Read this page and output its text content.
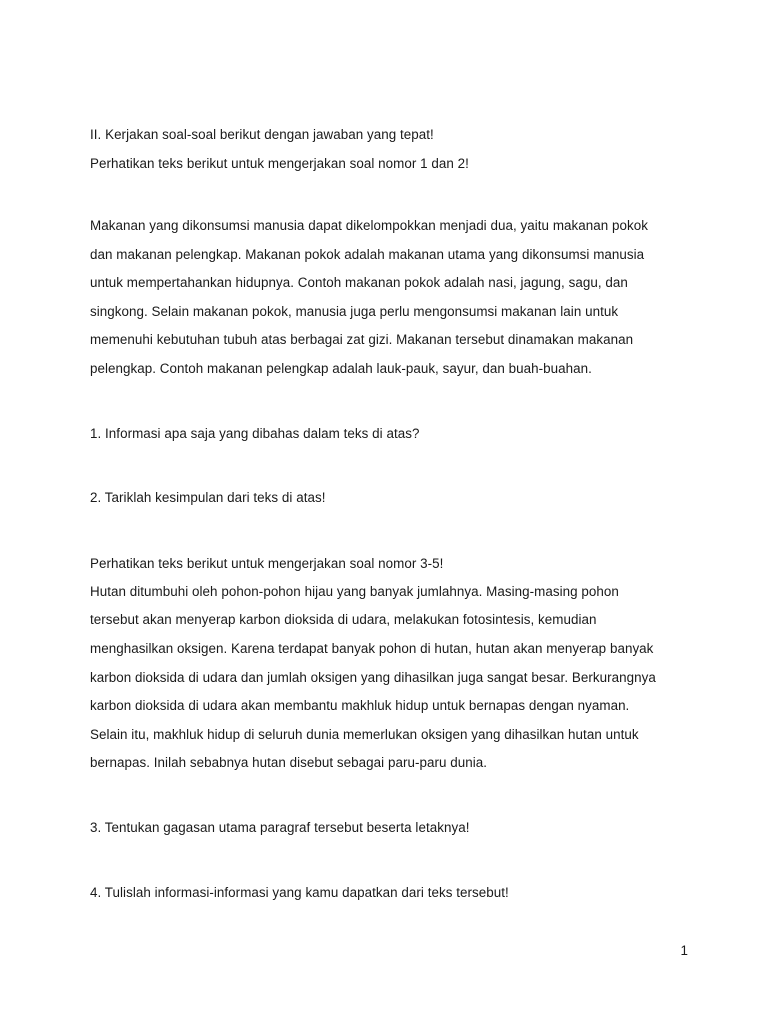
II. Kerjakan soal-soal berikut dengan jawaban yang tepat!
Perhatikan teks berikut untuk mengerjakan soal nomor 1 dan 2!
Makanan yang dikonsumsi manusia dapat dikelompokkan menjadi dua, yaitu makanan pokok
dan makanan pelengkap. Makanan pokok adalah makanan utama yang dikonsumsi manusia
untuk mempertahankan hidupnya. Contoh makanan pokok adalah nasi, jagung, sagu, dan
singkong. Selain makanan pokok, manusia juga perlu mengonsumsi makanan lain untuk
memenuhi kebutuhan tubuh atas berbagai zat gizi. Makanan tersebut dinamakan makanan
pelengkap. Contoh makanan pelengkap adalah lauk-pauk, sayur, dan buah-buahan.
1. Informasi apa saja yang dibahas dalam teks di atas?
2. Tariklah kesimpulan dari teks di atas!
Perhatikan teks berikut untuk mengerjakan soal nomor 3-5!
Hutan ditumbuhi oleh pohon-pohon hijau yang banyak jumlahnya. Masing-masing pohon
tersebut akan menyerap karbon dioksida di udara, melakukan fotosintesis, kemudian
menghasilkan oksigen. Karena terdapat banyak pohon di hutan, hutan akan menyerap banyak
karbon dioksida di udara dan jumlah oksigen yang dihasilkan juga sangat besar. Berkurangnya
karbon dioksida di udara akan membantu makhluk hidup untuk bernapas dengan nyaman.
Selain itu, makhluk hidup di seluruh dunia memerlukan oksigen yang dihasilkan hutan untuk
bernapas. Inilah sebabnya hutan disebut sebagai paru-paru dunia.
3. Tentukan gagasan utama paragraf tersebut beserta letaknya!
4. Tulislah informasi-informasi yang kamu dapatkan dari teks tersebut!
1
